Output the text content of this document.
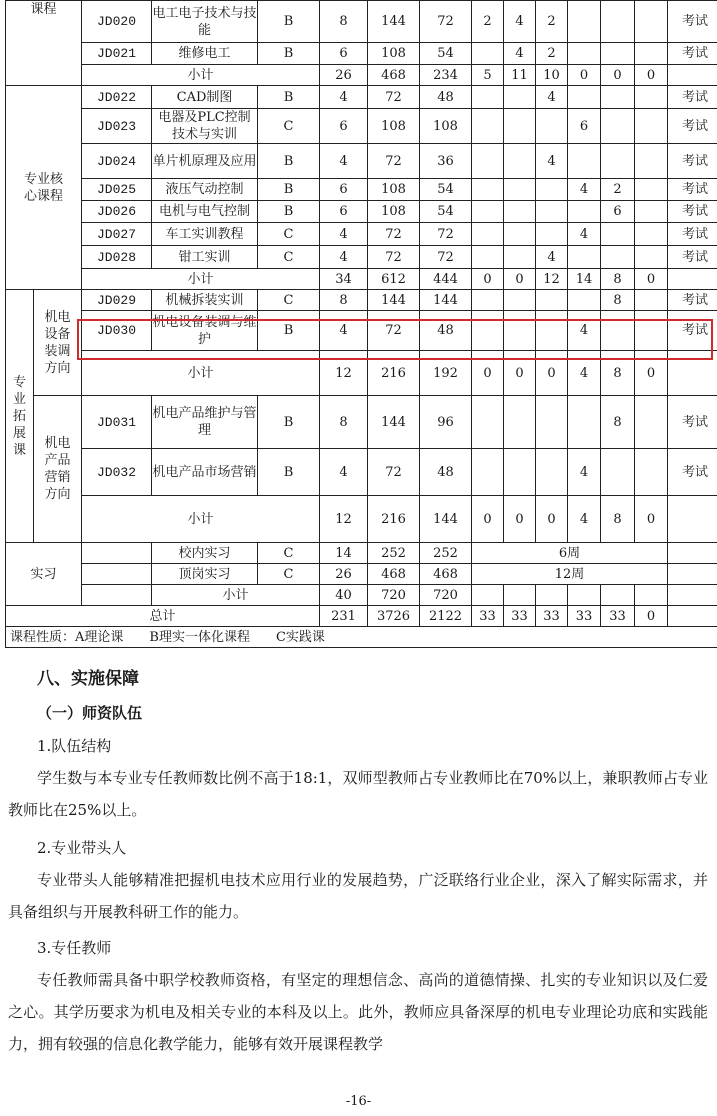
课程		JD020	电工电子技术与技能	B	8	144	72	2	4	2				考试
		JD021	维修电工	B	6	108	54		4	2				考试
		小计			26	468	234	5	11	10	0	0	0	
专业核心课程		JD022	CAD制图	B	4	72	48			4				考试
		JD023	电器及PLC控制技术与实训	C	6	108	108				6			考试
		JD024	单片机原理及应用	B	4	72	36			4				考试
		JD025	液压气动控制	B	6	108	54				4	2		考试
		JD026	电机与电气控制	B	6	108	54					6		考试
		JD027	车工实训教程	C	4	72	72				4			考试
		JD028	钳工实训	C	4	72	72			4				考试
		小计			34	612	444	0	0	12	14	8	0	
专业拓展课	机电设备装调方向	JD029	机械拆装实训	C	8	144	144					8		考试
		JD030	机电设备装调与维护	B	4	72	48				4			考试
		小计			12	216	192	0	0	0	4	8	0	
	机电产品营销方向	JD031	机电产品维护与管理	B	8	144	96					8		考试
		JD032	机电产品市场营销	B	4	72	48				4			考试
		小计			12	216	144	0	0	0	4	8	0	
实习			校内实习	C	14	252	252	6周						
			顶岗实习	C	26	468	468	12周						
			小计		40	720	720							
总计					231	3726	2122	33	33	33	33	33	0	
课程性质：A理论课　　B理实一体化课程　　C实践课														
八、实施保障
（一）师资队伍
1.队伍结构
学生数与本专业专任教师数比例不高于18:1，双师型教师占专业教师比在70%以上，兼职教师占专业教师比在25%以上。
2.专业带头人
专业带头人能够精准把握机电技术应用行业的发展趋势，广泛联络行业企业，深入了解实际需求，并具备组织与开展教科研工作的能力。
3.专任教师
专任教师需具备中职学校教师资格，有坚定的理想信念、高尚的道德情操、扎实的专业知识以及仁爱之心。其学历要求为机电及相关专业的本科及以上。此外，教师应具备深厚的机电专业理论功底和实践能力，拥有较强的信息化教学能力，能够有效开展课程教学
-16-
